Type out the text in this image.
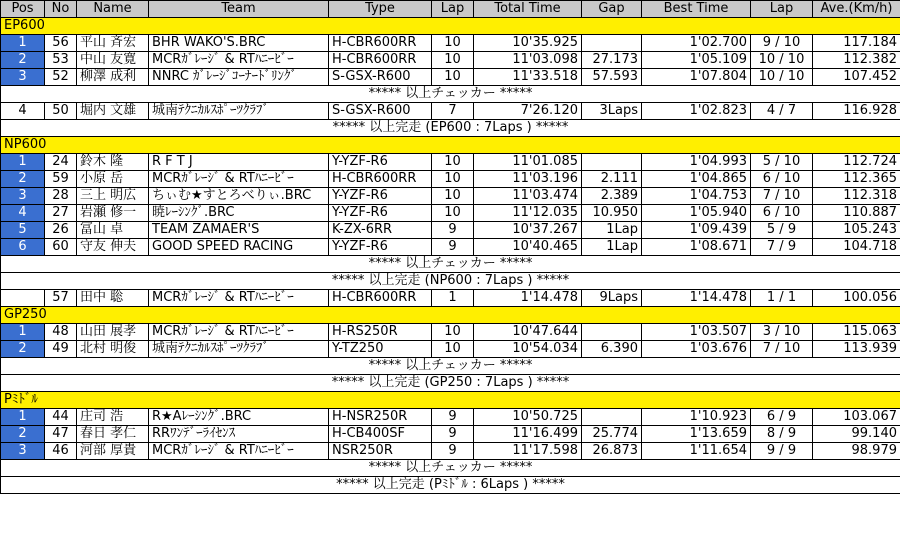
Pos	No	Name	Team	Type	Lap	Total Time	Gap	Best Time	Lap	Ave.(Km/h)
EP600										
1	56	平山 斉宏	BHR WAKO'S.BRC	H-CBR600RR	10	10'35.925		1'02.700	9 / 10	117.184
2	53	中山 友寛	MCRｶﾞﾚｰｼﾞ & RTﾊﾆｰﾋﾞｰ	H-CBR600RR	10	11'03.098	27.173	1'05.109	10 / 10	112.382
3	52	柳澤 成利	NNRC ｶﾞﾚｰｼﾞｺｰﾅｰﾄﾞﾘﾝｸﾞ	S-GSX-R600	10	11'33.518	57.593	1'07.804	10 / 10	107.452
***** 以上チェッカー *****										
4	50	堀内 文雄	城南ﾃｸﾆｶﾙｽﾎﾟｰﾂｸﾗﾌﾞ	S-GSX-R600	7	7'26.120	3Laps	1'02.823	4 / 7	116.928
***** 以上完走 (EP600 : 7Laps ) *****										
NP600										
1	24	鈴木 隆	R F T J	Y-YZF-R6	10	11'01.085		1'04.993	5 / 10	112.724
2	59	小原 岳	MCRｶﾞﾚｰｼﾞ & RTﾊﾆｰﾋﾞｰ	H-CBR600RR	10	11'03.196	2.111	1'04.865	6 / 10	112.365
3	28	三上 明広	ちぃむ★すとろべりぃ.BRC	Y-YZF-R6	10	11'03.474	2.389	1'04.753	7 / 10	112.318
4	27	岩瀬 修一	暁ﾚｰｼﾝｸﾞ.BRC	Y-YZF-R6	10	11'12.035	10.950	1'05.940	6 / 10	110.887
5	26	冨山 卓	TEAM ZAMAER'S	K-ZX-6RR	9	10'37.267	1Lap	1'09.439	5 / 9	105.243
6	60	守友 伸夫	GOOD SPEED RACING	Y-YZF-R6	9	10'40.465	1Lap	1'08.671	7 / 9	104.718
***** 以上チェッカー *****										
***** 以上完走 (NP600 : 7Laps ) *****										
	57	田中 聡	MCRｶﾞﾚｰｼﾞ & RTﾊﾆｰﾋﾞｰ	H-CBR600RR	1	1'14.478	9Laps	1'14.478	1 / 1	100.056
GP250										
1	48	山田 展孝	MCRｶﾞﾚｰｼﾞ & RTﾊﾆｰﾋﾞｰ	H-RS250R	10	10'47.644		1'03.507	3 / 10	115.063
2	49	北村 明俊	城南ﾃｸﾆｶﾙｽﾎﾟｰﾂｸﾗﾌﾞ	Y-TZ250	10	10'54.034	6.390	1'03.676	7 / 10	113.939
***** 以上チェッカー *****										
***** 以上完走 (GP250 : 7Laps ) *****										
Pﾐﾄﾞﾙ										
1	44	庄司 浩	R★Aﾚｰｼﾝｸﾞ.BRC	H-NSR250R	9	10'50.725		1'10.923	6 / 9	103.067
2	47	春日 孝仁	RRﾜﾝﾃﾞｰﾗｲｾﾝｽ	H-CB400SF	9	11'16.499	25.774	1'13.659	8 / 9	99.140
3	46	河部 厚貴	MCRｶﾞﾚｰｼﾞ & RTﾊﾆｰﾋﾞｰ	NSR250R	9	11'17.598	26.873	1'11.654	9 / 9	98.979
***** 以上チェッカー *****										
***** 以上完走 (Pﾐﾄﾞﾙ : 6Laps ) *****										
